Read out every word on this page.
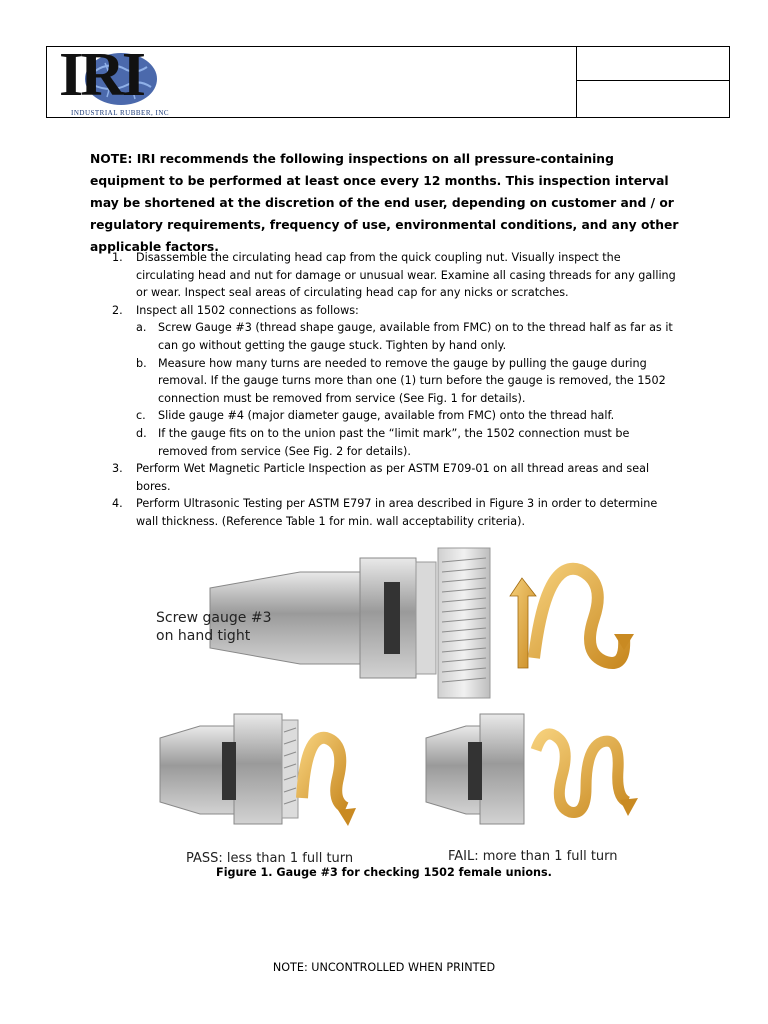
IRI
INDUSTRIAL RUBBER, INC
NOTE: IRI recommends the following inspections on all pressure-containing equipment to be performed at least once every 12 months. This inspection interval may be shortened at the discretion of the end user, depending on customer and / or regulatory requirements, frequency of use, environmental conditions, and any other applicable factors.
1. Disassemble the circulating head cap from the quick coupling nut. Visually inspect the circulating head and nut for damage or unusual wear. Examine all casing threads for any galling or wear. Inspect seal areas of circulating head cap for any nicks or scratches.
2. Inspect all 1502 connections as follows:
a. Screw Gauge #3 (thread shape gauge, available from FMC) on to the thread half as far as it can go without getting the gauge stuck. Tighten by hand only.
b. Measure how many turns are needed to remove the gauge by pulling the gauge during removal. If the gauge turns more than one (1) turn before the gauge is removed, the 1502 connection must be removed from service (See Fig. 1 for details).
c. Slide gauge #4 (major diameter gauge, available from FMC) onto the thread half.
d. If the gauge fits on to the union past the “limit mark”, the 1502 connection must be removed from service (See Fig. 2 for details).
3. Perform Wet Magnetic Particle Inspection as per ASTM E709-01 on all thread areas and seal bores.
4. Perform Ultrasonic Testing per ASTM E797 in area described in Figure 3 in order to determine wall thickness. (Reference Table 1 for min. wall acceptability criteria).
Screw gauge #3
on hand tight
PASS: less than 1 full turn	FAIL: more than 1 full turn
Figure 1. Gauge #3 for checking 1502 female unions.
NOTE: UNCONTROLLED WHEN PRINTED
